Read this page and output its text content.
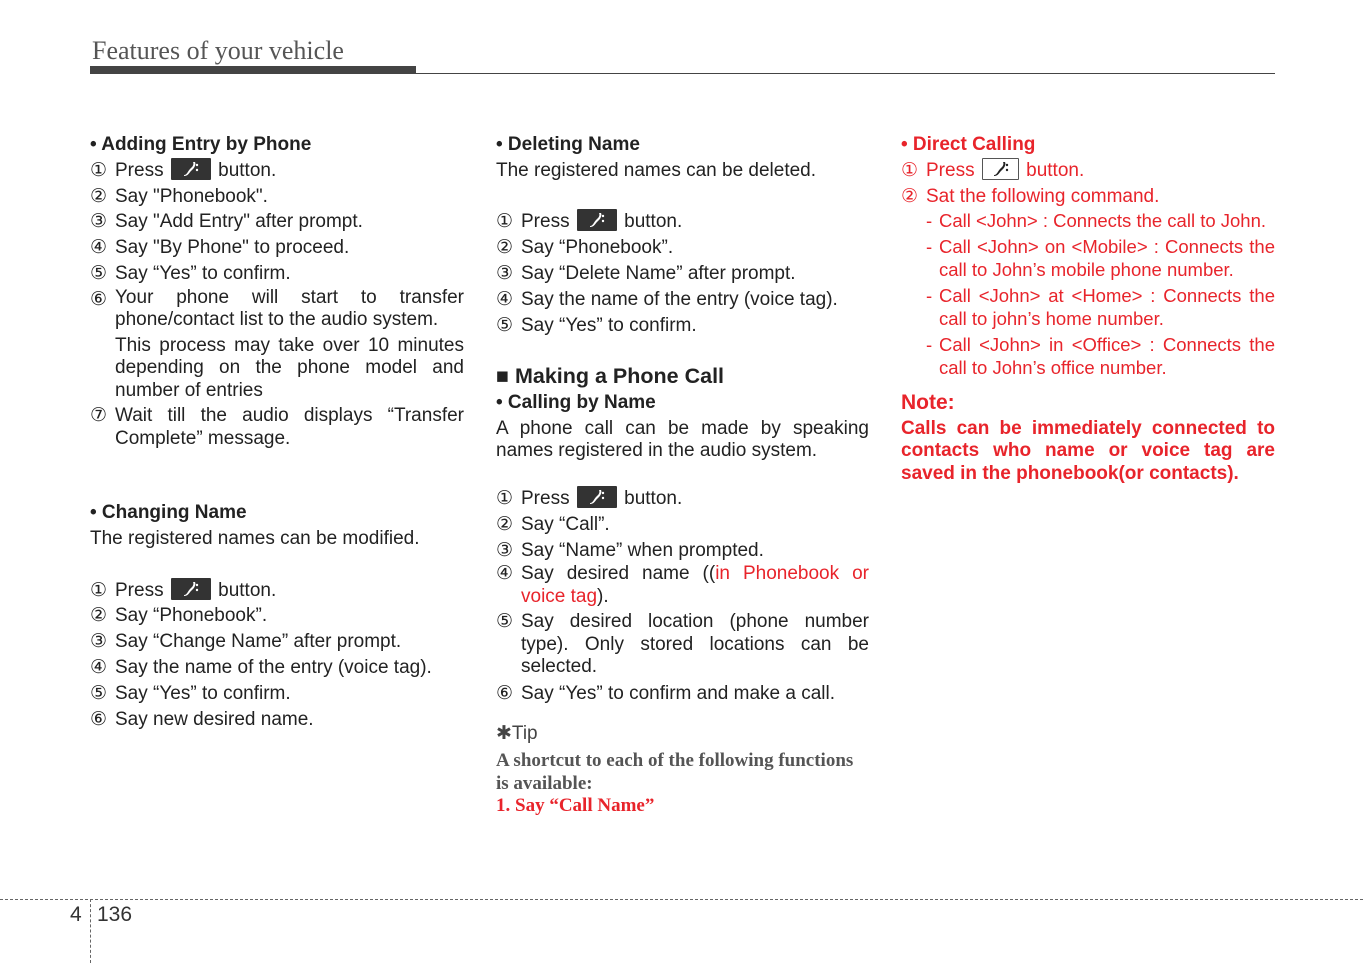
Features of your vehicle
• Adding Entry by Phone
① Press	button.
② Say "Phonebook".
③ Say "Add Entry" after prompt.
④ Say "By Phone" to proceed.
⑤ Say “Yes” to confirm.
⑥ Your phone will start to transfer phone/contact list to the audio system.
This process may take over 10 minutes depending on the phone model and number of entries
⑦ Wait till the audio displays “Transfer Complete” message.
• Changing Name
The registered names can be modified.
① Press	button.
② Say “Phonebook”.
③ Say “Change Name” after prompt.
④ Say the name of the entry (voice tag).
⑤ Say “Yes” to confirm.
⑥ Say new desired name.
• Deleting Name
The registered names can be deleted.
① Press	button.
② Say “Phonebook”.
③ Say “Delete Name” after prompt.
④ Say the name of the entry (voice tag).
⑤ Say “Yes” to confirm.
■ Making a Phone Call
• Calling by Name
A phone call can be made by speaking names registered in the audio system.
① Press	button.
② Say “Call”.
③ Say “Name” when prompted.
④ Say desired name ((in Phonebook or voice tag).
⑤ Say desired location (phone number type). Only stored locations can be selected.
⑥ Say “Yes” to confirm and make a call.
✱Tip
A shortcut to each of the following functions is available:
1. Say “Call Name”
• Direct Calling
① Press	button.
② Sat the following command.
- Call <John> : Connects the call to John.
- Call <John> on <Mobile> : Connects the call to John’s mobile phone number.
- Call <John> at <Home> : Connects the call to john’s home number.
- Call <John> in <Office> : Connects the call to John’s office number.
Note:
Calls can be immediately connected to contacts who name or voice tag are saved in the phonebook(or contacts).
4 136
